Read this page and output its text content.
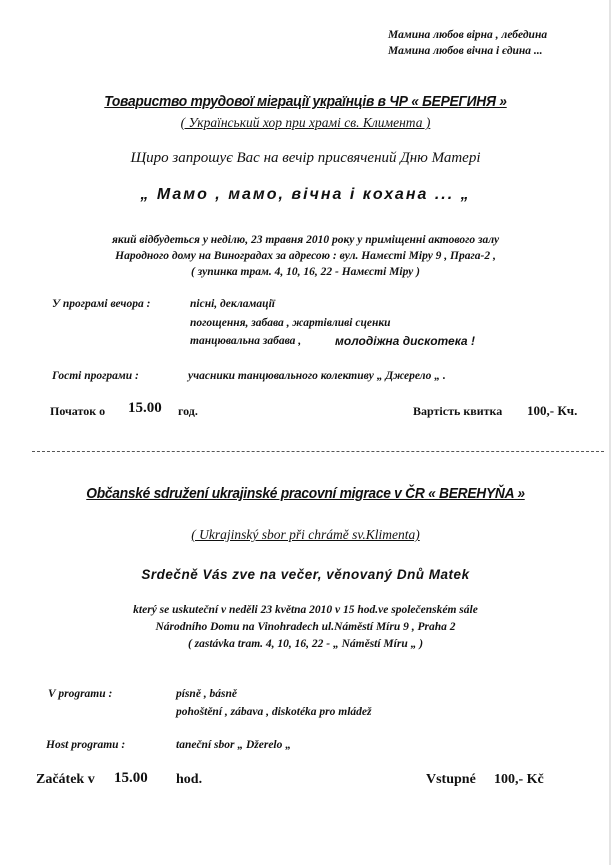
Мамина любов вірна , лебедина
Мамина любов вічна і єдина ...
Товариство трудової міграції українців в ЧР « БЕРЕГИНЯ »
( Український хор при храмі св. Климента )
Щиро запрошує Вас на вечір присвячений Дню Матері
„ Мамо , мамо, вічна і кохана ... „
який відбудеться у неділю, 23 травня 2010 року у приміщенні актового залу
Народного дому на Виноградах за адресою : вул. Намєсті Міру 9 , Прага-2 ,
( зупинка трам. 4, 10, 16, 22 - Намєсті Міру )
У програмі вечора :	пісні, декламації
погощення, забава , жартівливі сценки
танцювальна забава ,	молодіжна дискотека !
Гості програми :	учасники танцювального колективу „ Джерело „ .
Початок о 15.00 год.	Вартість квитка 100,- Кч.
Občanské sdružení ukrajinské pracovní migrace v ČR « BEREHYŇA »
( Ukrajinský sbor při chrámě sv.Klimenta)
Srdečně Vás zve na večer, věnovaný Dnů Matek
který se uskuteční v neděli 23 května 2010 v 15 hod.ve společenském sále
Národního Domu na Vinohradech ul.Náměstí Míru 9 , Praha 2
( zastávka tram. 4, 10, 16, 22 - „ Náměstí Míru „ )
V programu :	písně , básně
pohoštění , zábava , diskotéka pro mládež
Host programu :	taneční sbor „ Džerelo „
Začátek v 15.00 hod.	Vstupné 100,- Kč
